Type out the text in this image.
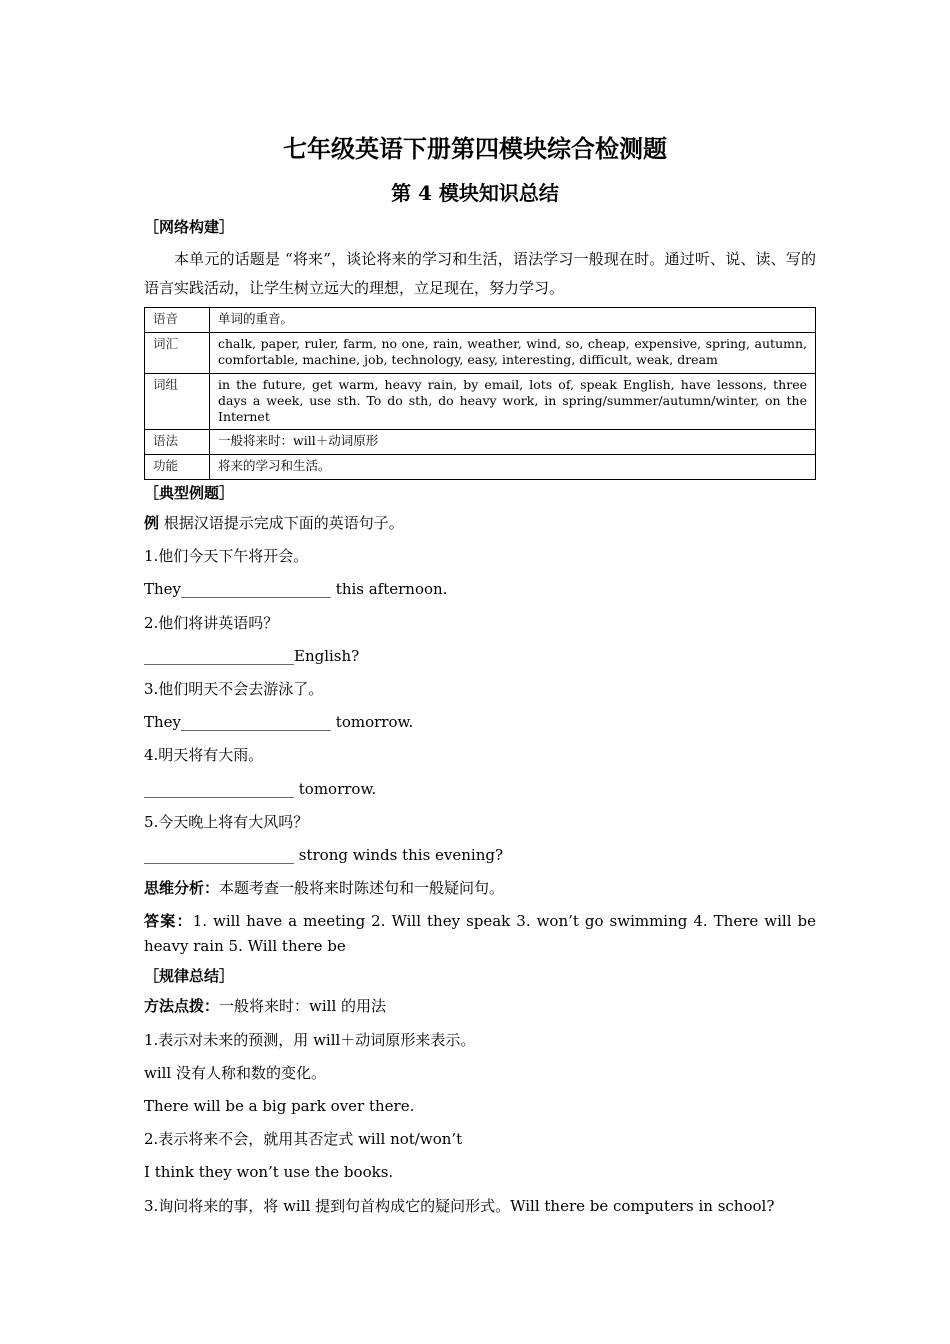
七年级英语下册第四模块综合检测题
第 4 模块知识总结
［网络构建］
本单元的话题是 “将来”，谈论将来的学习和生活，语法学习一般现在时。通过听、说、读、写的语言实践活动，让学生树立远大的理想，立足现在，努力学习。
语音	单词的重音。
词汇	chalk, paper, ruler, farm, no one, rain, weather, wind, so, cheap, expensive, spring, autumn, comfortable, machine, job, technology, easy, interesting, difficult, weak, dream
词组	in the future, get warm, heavy rain, by email, lots of, speak English, have lessons, three days a week, use sth. To do sth, do heavy work, in spring/summer/autumn/winter, on the Internet
语法	一般将来时：will＋动词原形
功能	将来的学习和生活。
［典型例题］
例 根据汉语提示完成下面的英语句子。
1.他们今天下午将开会。
They____________________ this afternoon.
2.他们将讲英语吗？
____________________English?
3.他们明天不会去游泳了。
They____________________ tomorrow.
4.明天将有大雨。
____________________ tomorrow.
5.今天晚上将有大风吗？
____________________ strong winds this evening?
思维分析：本题考查一般将来时陈述句和一般疑问句。
答案：1. will have a meeting 2. Will they speak 3. won’t go swimming 4. There will be heavy rain 5. Will there be
［规律总结］
方法点拨：一般将来时：will 的用法
1.表示对未来的预测，用 will＋动词原形来表示。
will 没有人称和数的变化。
There will be a big park over there.
2.表示将来不会，就用其否定式 will not/won’t
I think they won’t use the books.
3.询问将来的事，将 will 提到句首构成它的疑问形式。Will there be computers in school?
